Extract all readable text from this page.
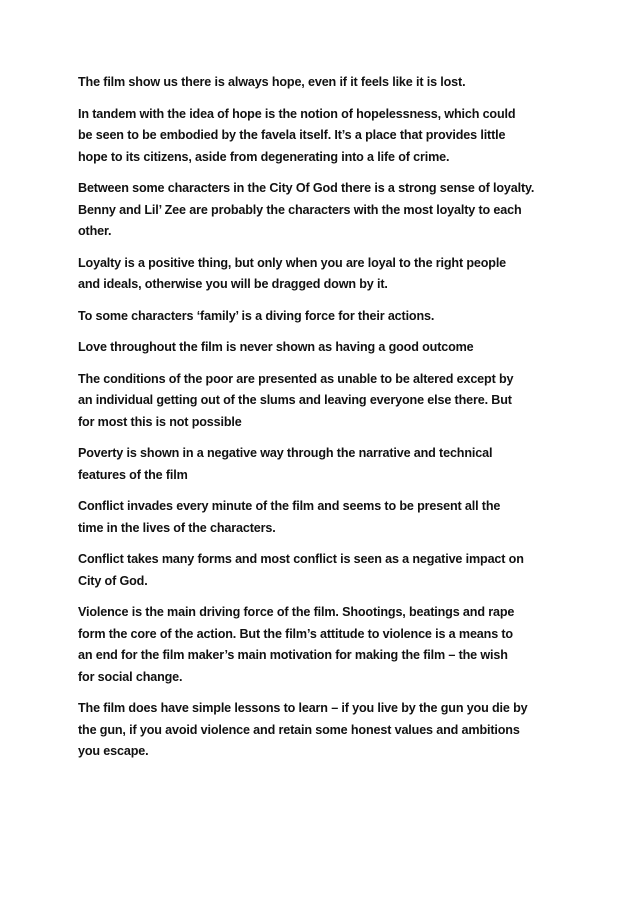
The film show us there is always hope, even if it feels like it is lost.

In tandem with the idea of hope is the notion of hopelessness, which could
be seen to be embodied by the favela itself. It’s a place that provides little
hope to its citizens, aside from degenerating into a life of crime.

Between some characters in the City Of God there is a strong sense of loyalty.
Benny and Lil’ Zee are probably the characters with the most loyalty to each
other.

Loyalty is a positive thing, but only when you are loyal to the right people
and ideals, otherwise you will be dragged down by it.

To some characters ‘family’ is a diving force for their actions.

Love throughout the film is never shown as having a good outcome

The conditions of the poor are presented as unable to be altered except by
an individual getting out of the slums and leaving everyone else there. But
for most this is not possible

Poverty is shown in a negative way through the narrative and technical
features of the film

Conflict invades every minute of the film and seems to be present all the
time in the lives of the characters.

Conflict takes many forms and most conflict is seen as a negative impact on
City of God.

Violence is the main driving force of the film. Shootings, beatings and rape
form the core of the action. But the film’s attitude to violence is a means to
an end for the film maker’s main motivation for making the film – the wish
for social change.

The film does have simple lessons to learn – if you live by the gun you die by
the gun, if you avoid violence and retain some honest values and ambitions
you escape.
